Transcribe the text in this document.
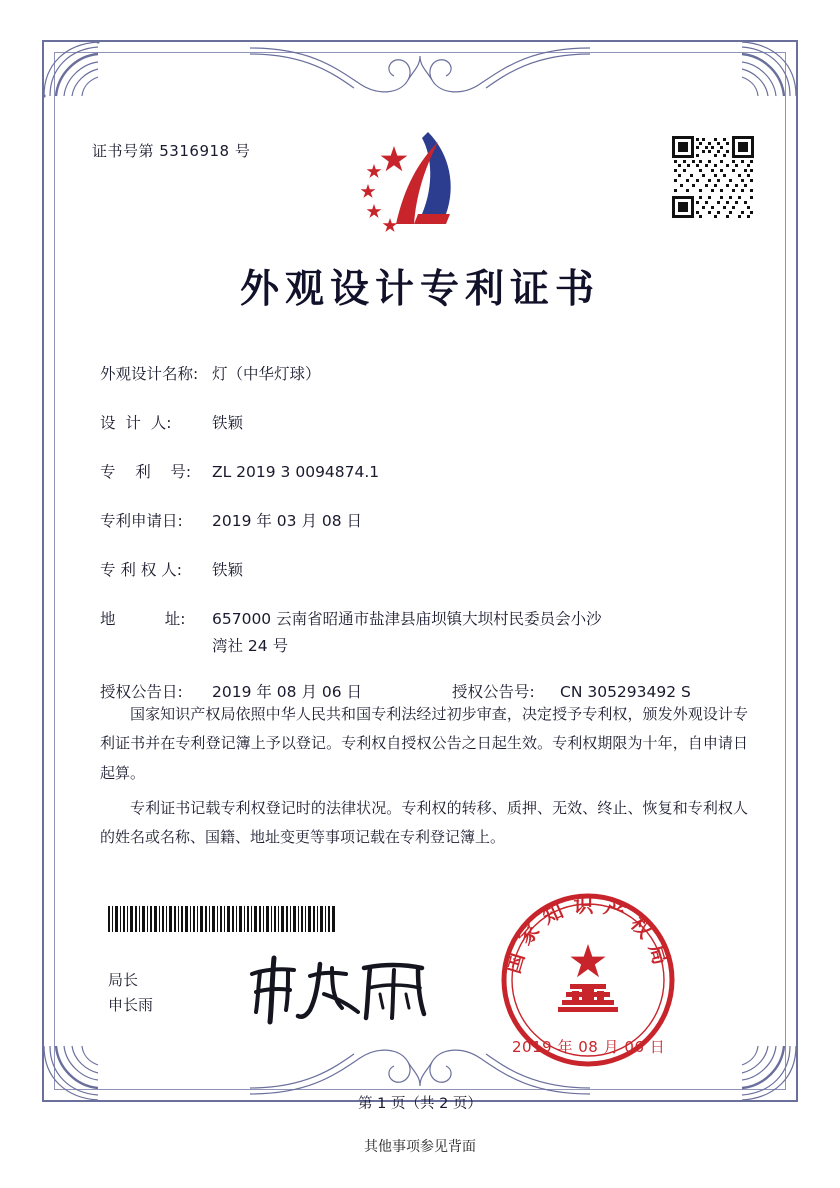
证书号第 5316918 号
外观设计专利证书
外观设计名称: 灯（中华灯球）
设  计  人:	铁颖
专    利    号:	ZL 2019 3 0094874.1
专利申请日:	2019 年 03 月 08 日
专 利 权 人:	铁颖
地          址:	657000 云南省昭通市盐津县庙坝镇大坝村民委员会小沙
湾社 24 号
授权公告日:	2019 年 08 月 06 日	授权公告号:	CN 305293492 S

国家知识产权局依照中华人民共和国专利法经过初步审查，决定授予专利权，颁发外观设计专利证书并在专利登记簿上予以登记。专利权自授权公告之日起生效。专利权期限为十年，自申请日起算。

专利证书记载专利权登记时的法律状况。专利权的转移、质押、无效、终止、恢复和专利权人的姓名或名称、国籍、地址变更等事项记载在专利登记簿上。

局长
申长雨
国家知识产权局
2019 年 08 月 06 日
第 1 页（共 2 页）
其他事项参见背面
